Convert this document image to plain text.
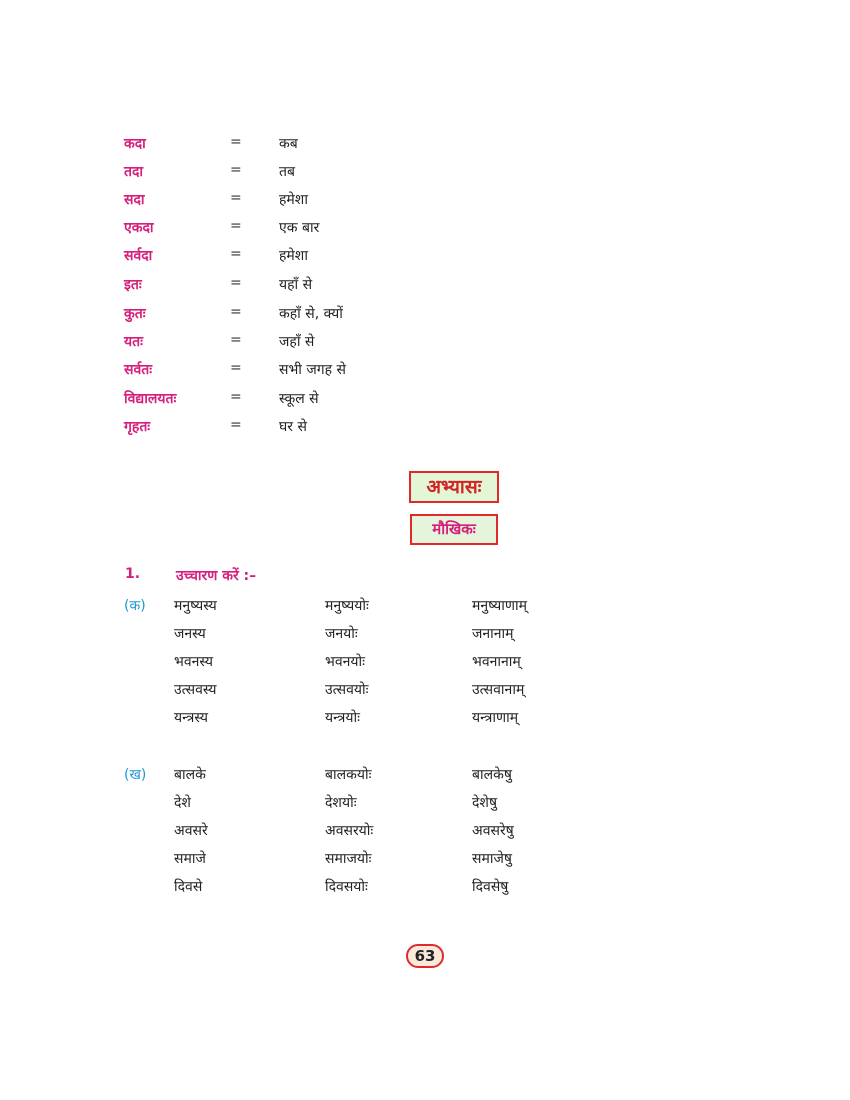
कदा	=	कब
तदा	=	तब
सदा	=	हमेशा
एकदा	=	एक बार
सर्वदा	=	हमेशा
इतः	=	यहाँ से
कुतः	=	कहाँ से, क्यों
यतः	=	जहाँ से
सर्वतः	=	सभी जगह से
विद्यालयतः	=	स्कूल से
गृहतः	=	घर से
अभ्यासः
मौखिकः
1.	उच्चारण करें :–
(क) मनुष्यस्य	मनुष्ययोः	मनुष्याणाम्
जनस्य	जनयोः	जनानाम्
भवनस्य	भवनयोः	भवनानाम्
उत्सवस्य	उत्सवयोः	उत्सवानाम्
यन्त्रस्य	यन्त्रयोः	यन्त्राणाम्
(ख) बालके	बालकयोः	बालकेषु
देशे	देशयोः	देशेषु
अवसरे	अवसरयोः	अवसरेषु
समाजे	समाजयोः	समाजेषु
दिवसे	दिवसयोः	दिवसेषु
63
